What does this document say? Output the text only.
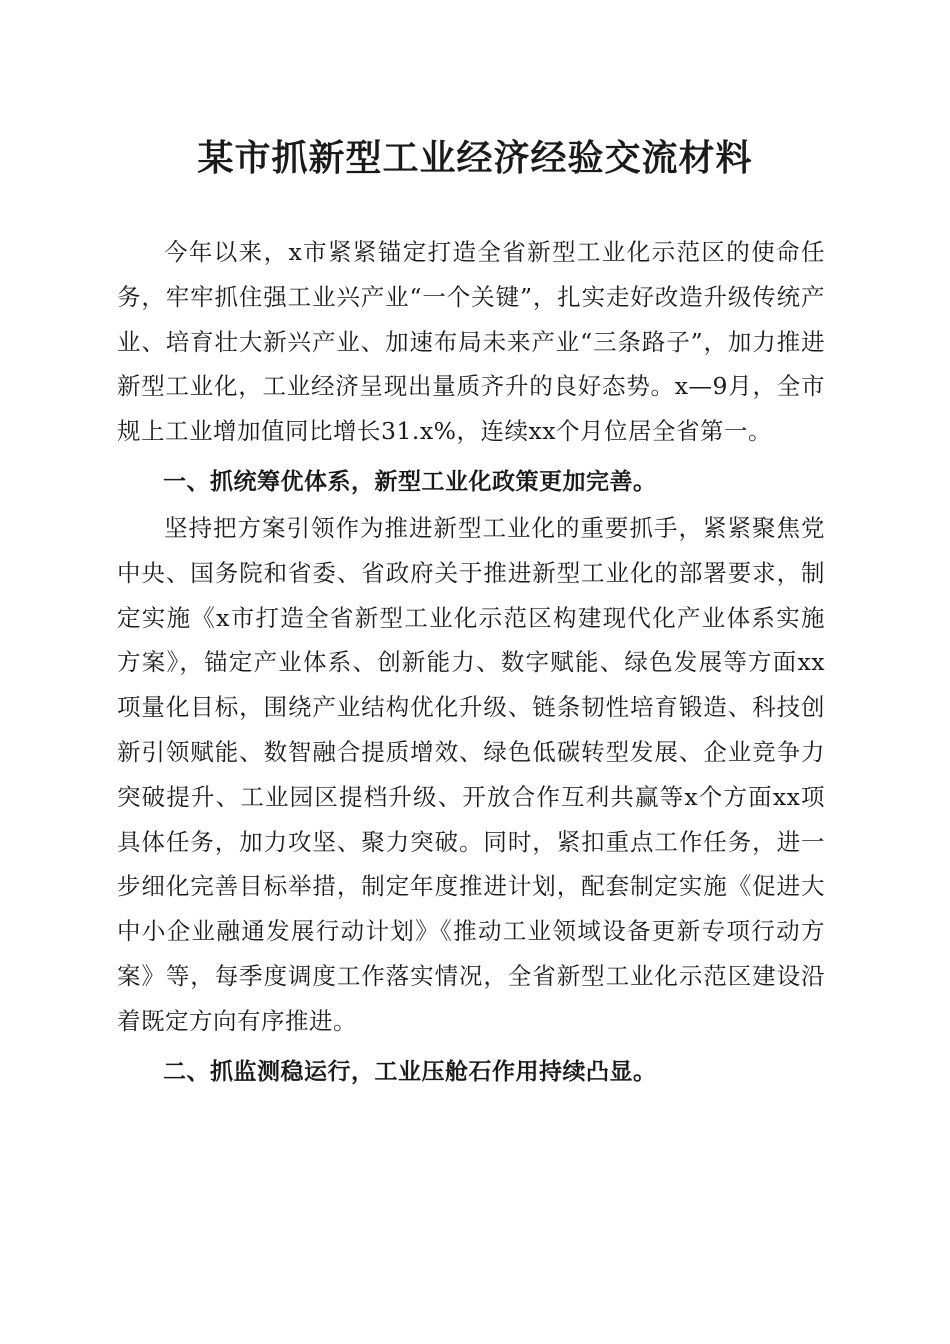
某市抓新型工业经济经验交流材料

今年以来，x市紧紧锚定打造全省新型工业化示范区的使命任务，牢牢抓住强工业兴产业“一个关键”，扎实走好改造升级传统产业、培育壮大新兴产业、加速布局未来产业“三条路子”，加力推进新型工业化，工业经济呈现出量质齐升的良好态势。x—9月，全市规上工业增加值同比增长31.x%，连续xx个月位居全省第一。

一、抓统筹优体系，新型工业化政策更加完善。

坚持把方案引领作为推进新型工业化的重要抓手，紧紧聚焦党中央、国务院和省委、省政府关于推进新型工业化的部署要求，制定实施《x市打造全省新型工业化示范区构建现代化产业体系实施方案》，锚定产业体系、创新能力、数字赋能、绿色发展等方面xx项量化目标，围绕产业结构优化升级、链条韧性培育锻造、科技创新引领赋能、数智融合提质增效、绿色低碳转型发展、企业竞争力突破提升、工业园区提档升级、开放合作互利共赢等x个方面xx项具体任务，加力攻坚、聚力突破。同时，紧扣重点工作任务，进一步细化完善目标举措，制定年度推进计划，配套制定实施《促进大中小企业融通发展行动计划》《推动工业领域设备更新专项行动方案》等，每季度调度工作落实情况，全省新型工业化示范区建设沿着既定方向有序推进。

二、抓监测稳运行，工业压舱石作用持续凸显。
